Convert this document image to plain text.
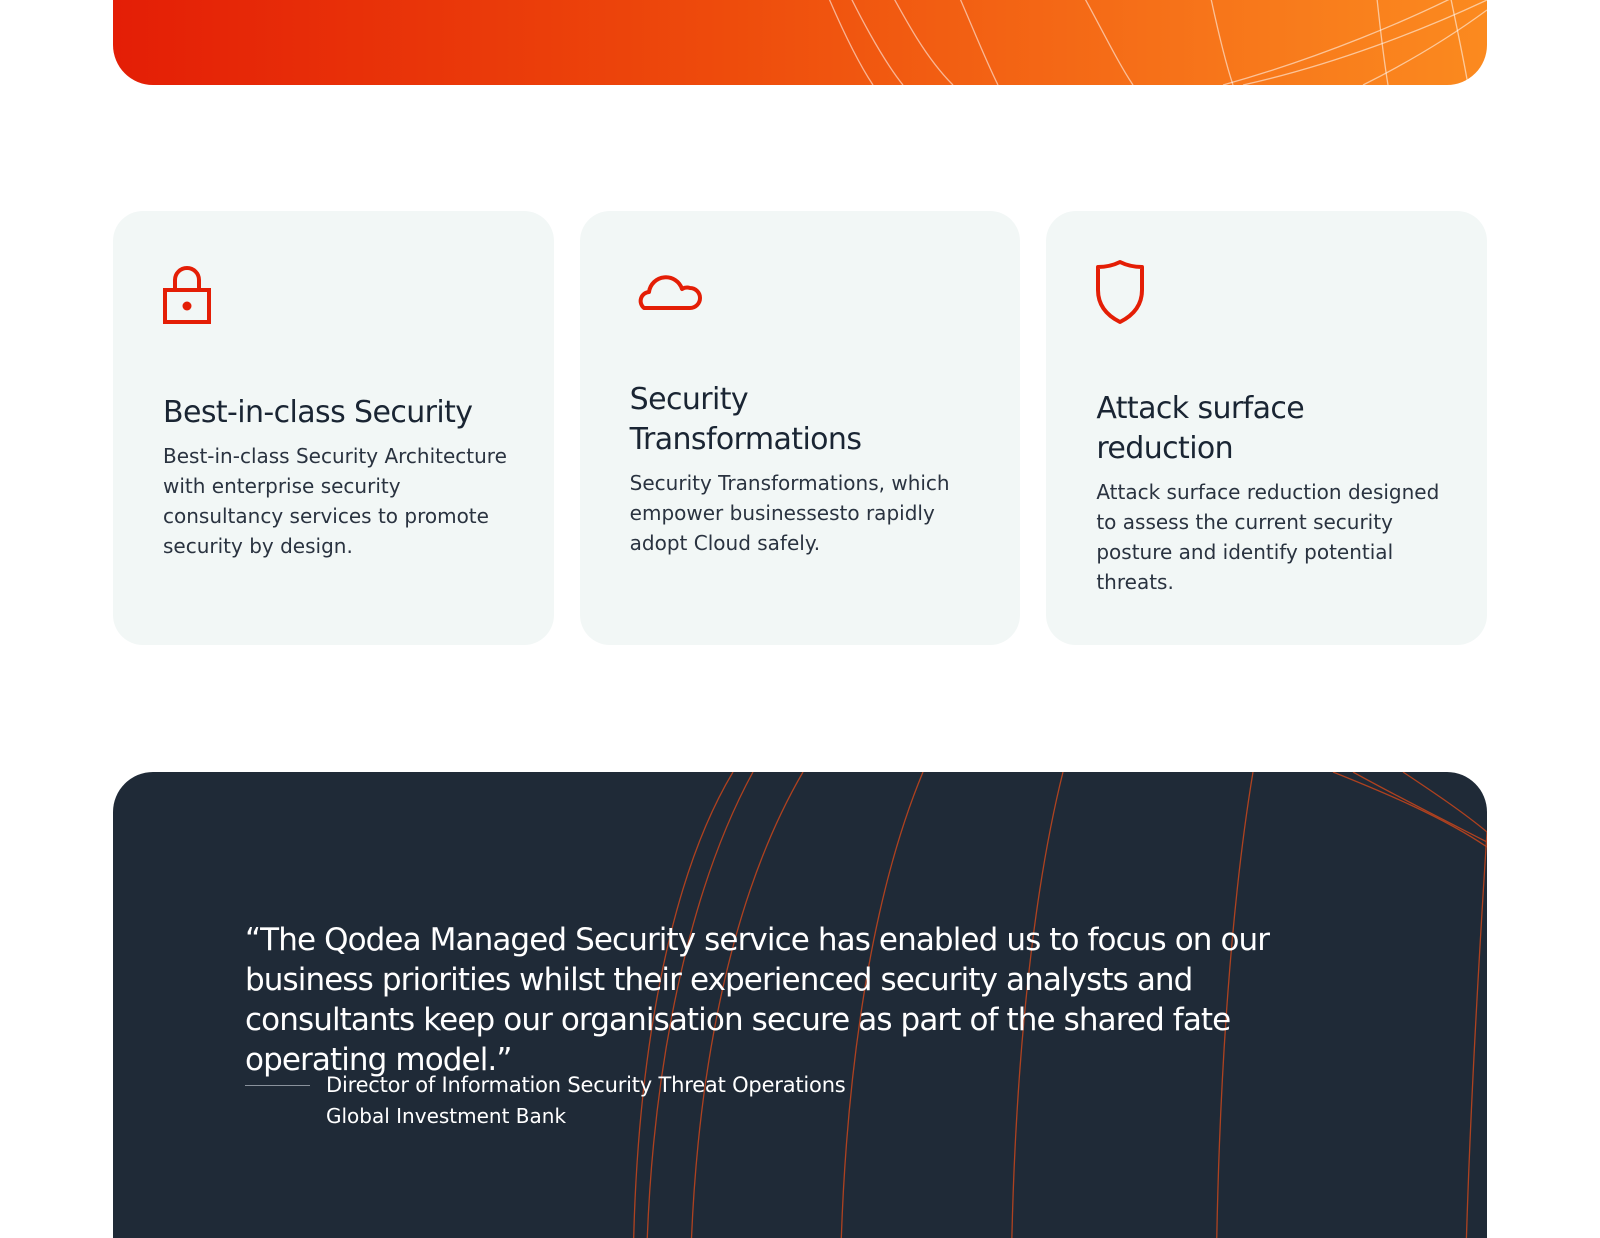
Best-in-class Security

Best-in-class Security Architecture with enterprise security consultancy services to promote security by design.

Security Transformations

Security Transformations, which empower businessesto rapidly adopt Cloud safely.

Attack surface reduction

Attack surface reduction designed to assess the current security posture and identify potential threats.

“The Qodea Managed Security service has enabled us to focus on our business priorities whilst their experienced security analysts and consultants keep our organisation secure as part of the shared fate operating model.”

Director of Information Security Threat Operations
Global Investment Bank
